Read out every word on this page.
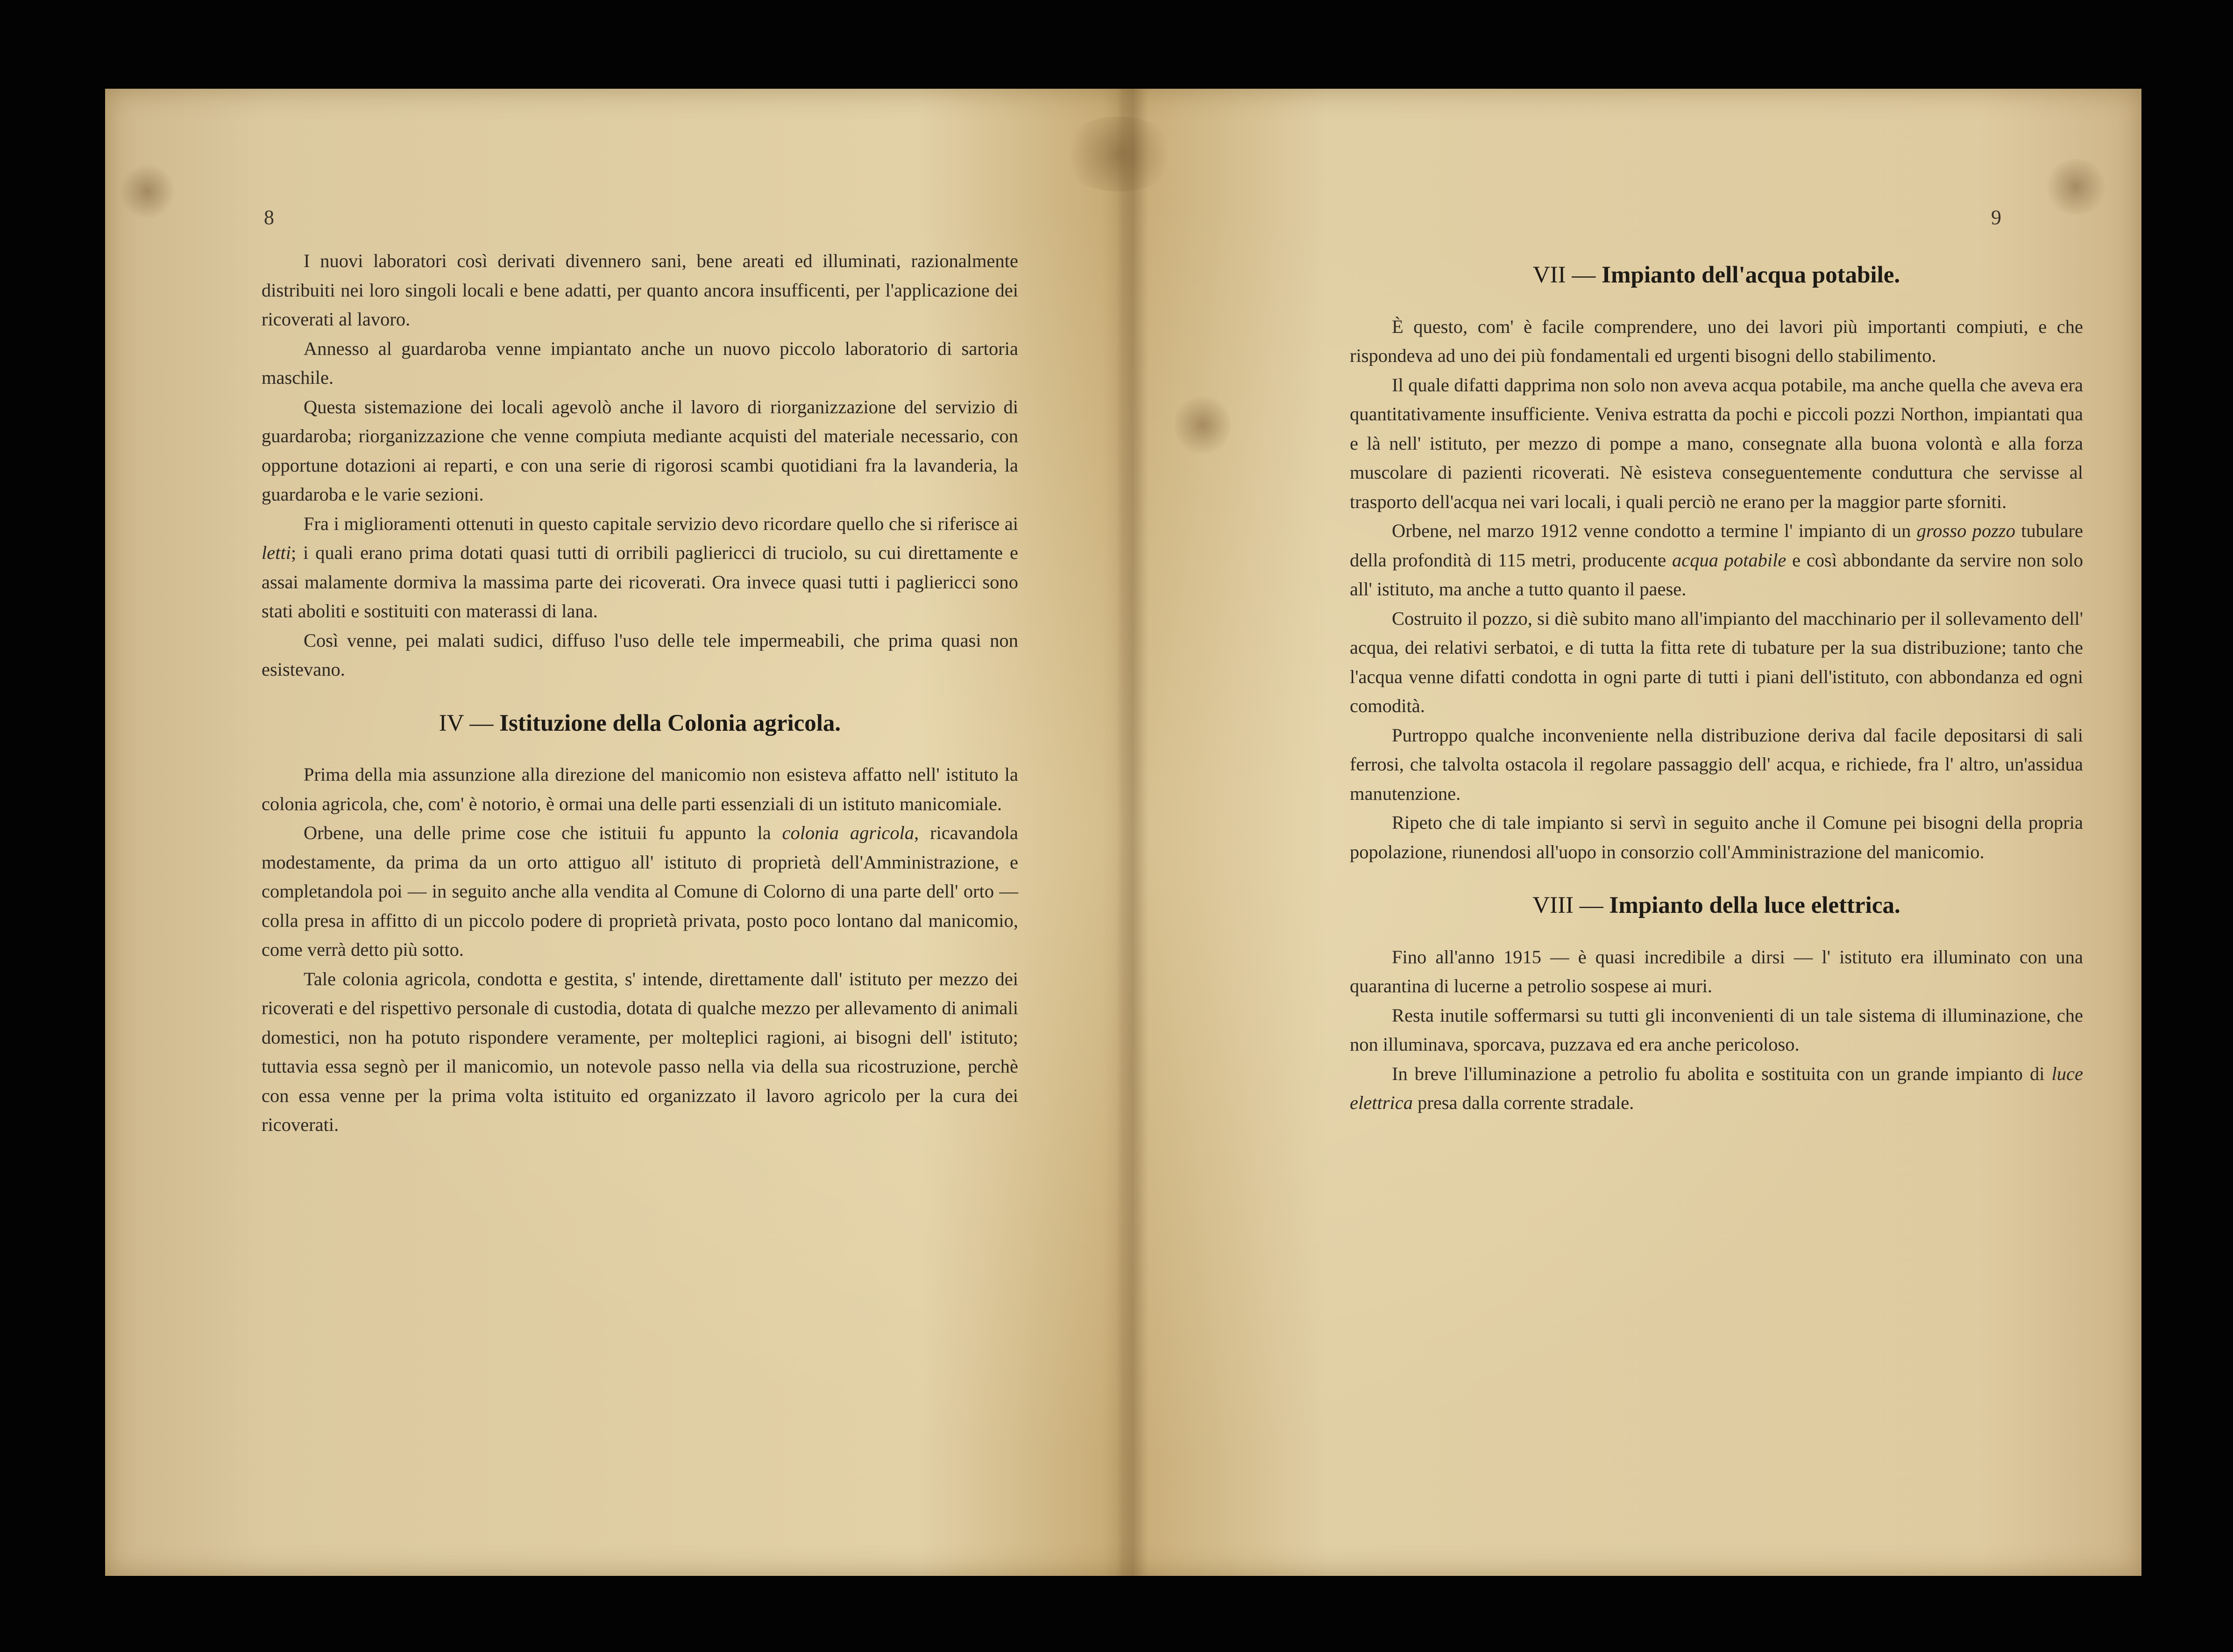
8

I nuovi laboratori così derivati divennero sani, bene areati ed illuminati, razionalmente distribuiti nei loro singoli locali e bene adatti, per quanto ancora insufficenti, per l'applicazione dei ricoverati al lavoro.

Annesso al guardaroba venne impiantato anche un nuovo piccolo laboratorio di sartoria maschile.

Questa sistemazione dei locali agevolò anche il lavoro di riorganizzazione del servizio di guardaroba; riorganizzazione che venne compiuta mediante acquisti del materiale necessario, con opportune dotazioni ai reparti, e con una serie di rigorosi scambi quotidiani fra la lavanderia, la guardaroba e le varie sezioni.

Fra i miglioramenti ottenuti in questo capitale servizio devo ricordare quello che si riferisce ai letti; i quali erano prima dotati quasi tutti di orribili pagliericci di truciolo, su cui direttamente e assai malamente dormiva la massima parte dei ricoverati. Ora invece quasi tutti i pagliericci sono stati aboliti e sostituiti con materassi di lana.

Così venne, pei malati sudici, diffuso l'uso delle tele impermeabili, che prima quasi non esistevano.

IV — Istituzione della Colonia agricola.

Prima della mia assunzione alla direzione del manicomio non esisteva affatto nell' istituto la colonia agricola, che, com' è notorio, è ormai una delle parti essenziali di un istituto manicomiale.

Orbene, una delle prime cose che istituii fu appunto la colonia agricola, ricavandola modestamente, da prima da un orto attiguo all' istituto di proprietà dell'Amministrazione, e completandola poi — in seguito anche alla vendita al Comune di Colorno di una parte dell' orto — colla presa in affitto di un piccolo podere di proprietà privata, posto poco lontano dal manicomio, come verrà detto più sotto.

Tale colonia agricola, condotta e gestita, s' intende, direttamente dall' istituto per mezzo dei ricoverati e del rispettivo personale di custodia, dotata di qualche mezzo per allevamento di animali domestici, non ha potuto rispondere veramente, per molteplici ragioni, ai bisogni dell' istituto; tuttavia essa segnò per il manicomio, un notevole passo nella via della sua ricostruzione, perchè con essa venne per la prima volta istituito ed organizzato il lavoro agricolo per la cura dei ricoverati.

9
VII — Impianto dell'acqua potabile.

È questo, com' è facile comprendere, uno dei lavori più importanti compiuti, e che rispondeva ad uno dei più fondamentali ed urgenti bisogni dello stabilimento.

Il quale difatti dapprima non solo non aveva acqua potabile, ma anche quella che aveva era quantitativamente insufficiente. Veniva estratta da pochi e piccoli pozzi Northon, impiantati qua e là nell' istituto, per mezzo di pompe a mano, consegnate alla buona volontà e alla forza muscolare di pazienti ricoverati. Nè esisteva conseguentemente conduttura che servisse al trasporto dell'acqua nei vari locali, i quali perciò ne erano per la maggior parte sforniti.

Orbene, nel marzo 1912 venne condotto a termine l' impianto di un grosso pozzo tubulare della profondità di 115 metri, producente acqua potabile e così abbondante da servire non solo all' istituto, ma anche a tutto quanto il paese.

Costruito il pozzo, si diè subito mano all'impianto del macchinario per il sollevamento dell' acqua, dei relativi serbatoi, e di tutta la fitta rete di tubature per la sua distribuzione; tanto che l'acqua venne difatti condotta in ogni parte di tutti i piani dell'istituto, con abbondanza ed ogni comodità.

Purtroppo qualche inconveniente nella distribuzione deriva dal facile depositarsi di sali ferrosi, che talvolta ostacola il regolare passaggio dell' acqua, e richiede, fra l' altro, un'assidua manutenzione.

Ripeto che di tale impianto si servì in seguito anche il Comune pei bisogni della propria popolazione, riunendosi all'uopo in consorzio coll'Amministrazione del manicomio.

VIII — Impianto della luce elettrica.

Fino all'anno 1915 — è quasi incredibile a dirsi — l' istituto era illuminato con una quarantina di lucerne a petrolio sospese ai muri.

Resta inutile soffermarsi su tutti gli inconvenienti di un tale sistema di illuminazione, che non illuminava, sporcava, puzzava ed era anche pericoloso.

In breve l'illuminazione a petrolio fu abolita e sostituita con un grande impianto di luce elettrica presa dalla corrente stradale.
